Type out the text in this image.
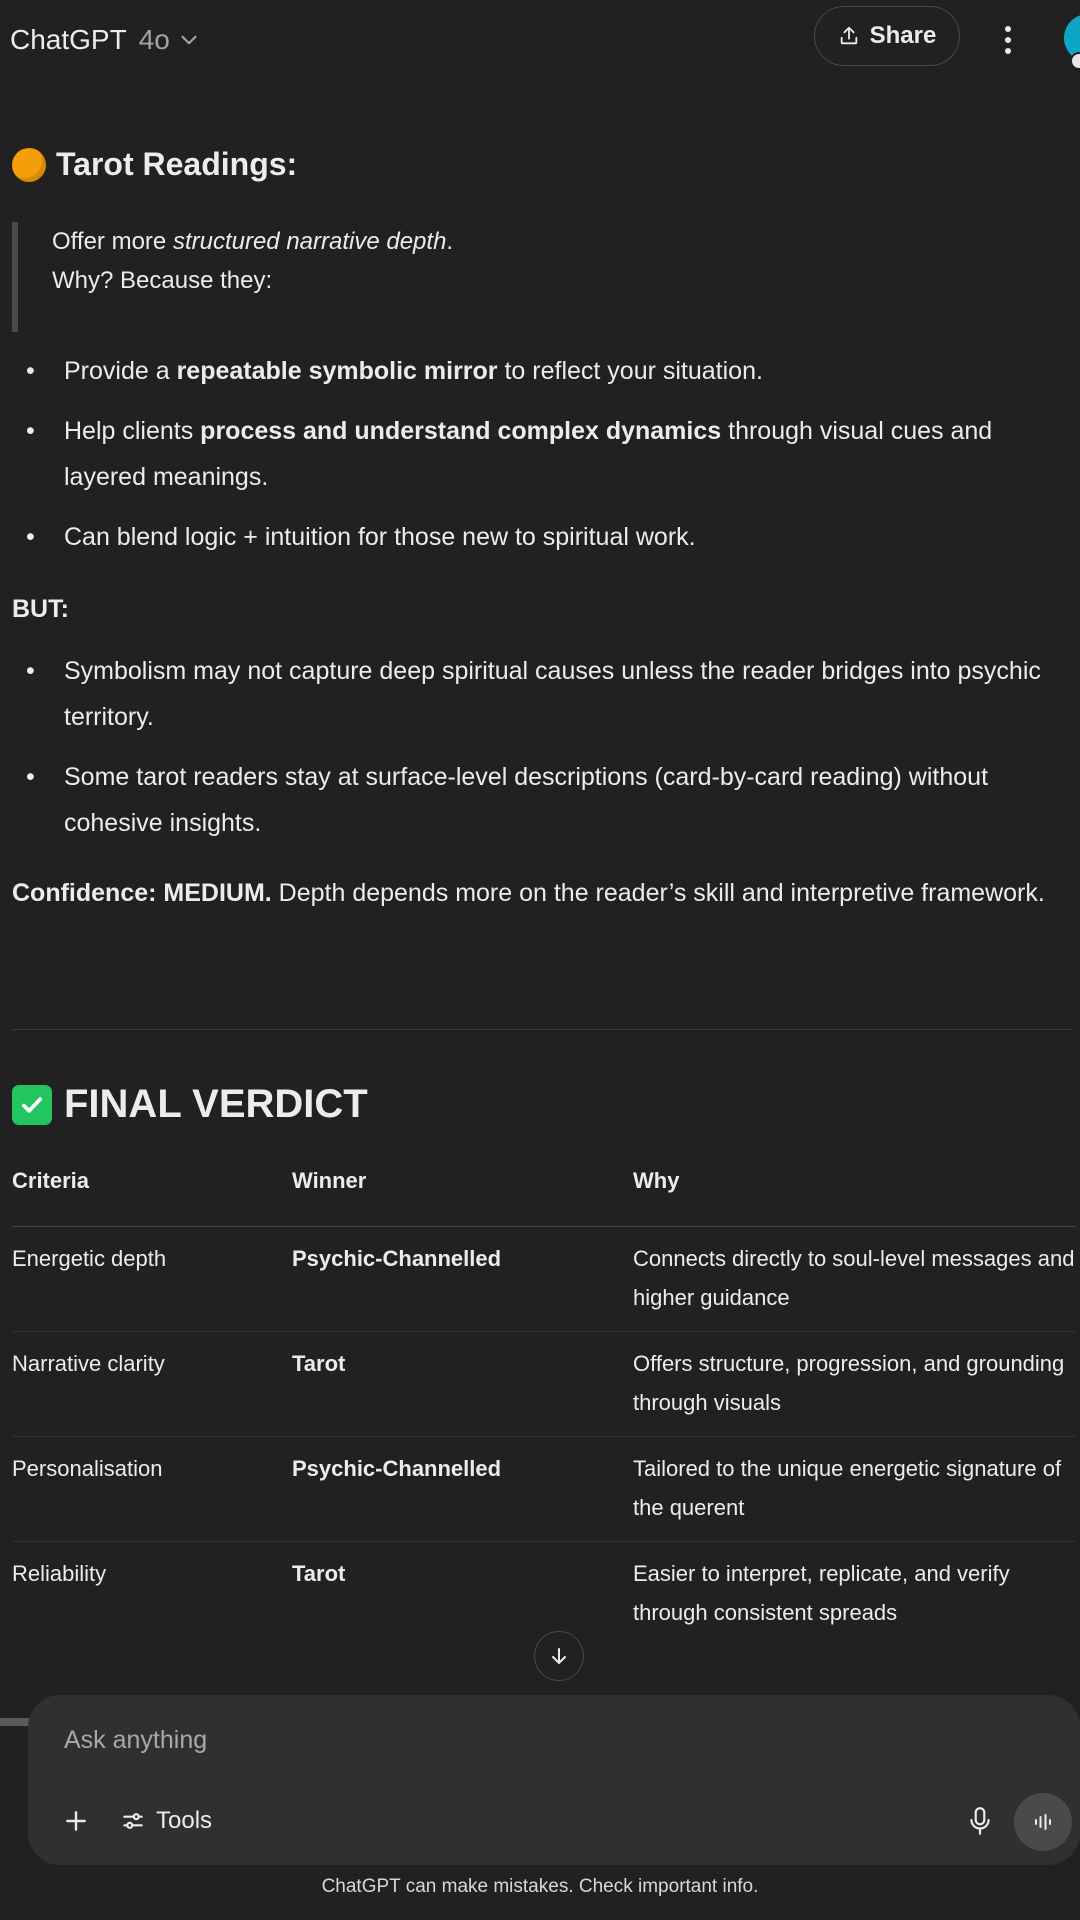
ChatGPT 4o	Share
Tarot Readings:
Offer more structured narrative depth.
Why? Because they:
• Provide a repeatable symbolic mirror to reflect your situation.
• Help clients process and understand complex dynamics through visual cues and layered meanings.
• Can blend logic + intuition for those new to spiritual work.
BUT:
• Symbolism may not capture deep spiritual causes unless the reader bridges into psychic territory.
• Some tarot readers stay at surface-level descriptions (card-by-card reading) without cohesive insights.
Confidence: MEDIUM. Depth depends more on the reader’s skill and interpretive framework.
FINAL VERDICT
Criteria	Winner	Why
Energetic depth	Psychic-Channelled	Connects directly to soul-level messages and higher guidance
Narrative clarity	Tarot	Offers structure, progression, and grounding through visuals
Personalisation	Psychic-Channelled	Tailored to the unique energetic signature of the querent
Reliability	Tarot	Easier to interpret, replicate, and verify through consistent spreads
Ask anything
Tools
ChatGPT can make mistakes. Check important info.
